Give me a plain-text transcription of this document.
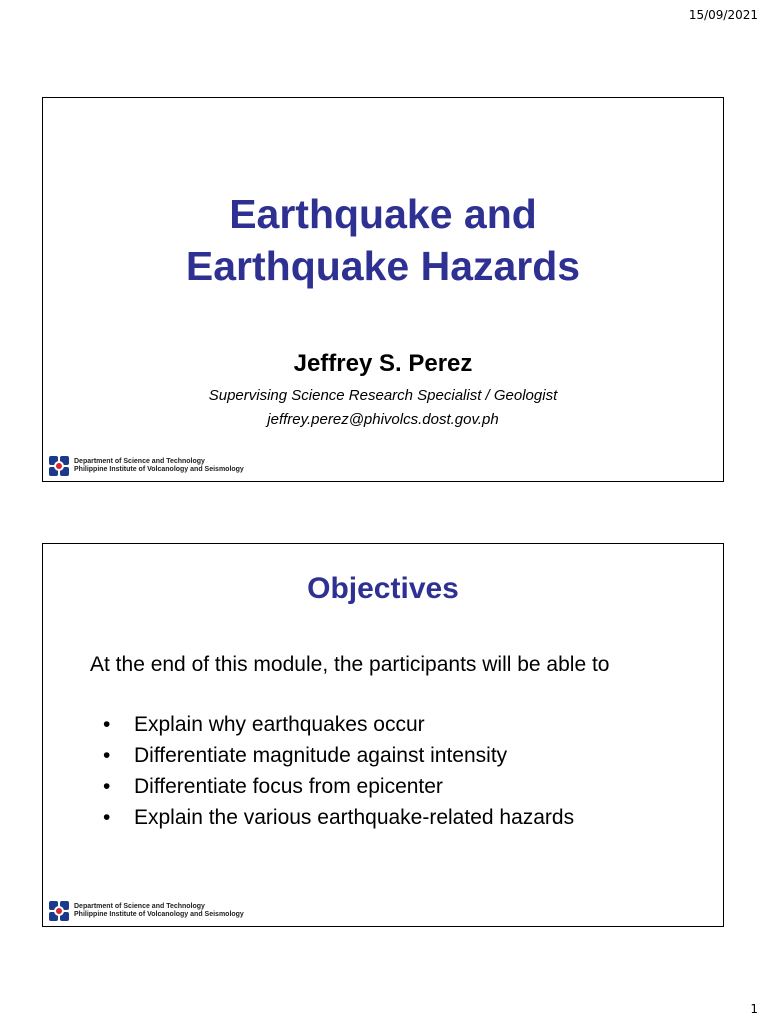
15/09/2021
Earthquake and
Earthquake Hazards
Jeffrey S. Perez
Supervising Science Research Specialist / Geologist
jeffrey.perez@phivolcs.dost.gov.ph
Department of Science and Technology
Philippine Institute of Volcanology and Seismology
Objectives
At the end of this module, the participants will be able to
•	Explain why earthquakes occur
•	Differentiate magnitude against intensity
•	Differentiate focus from epicenter
•	Explain the various earthquake-related hazards
Department of Science and Technology
Philippine Institute of Volcanology and Seismology
1
